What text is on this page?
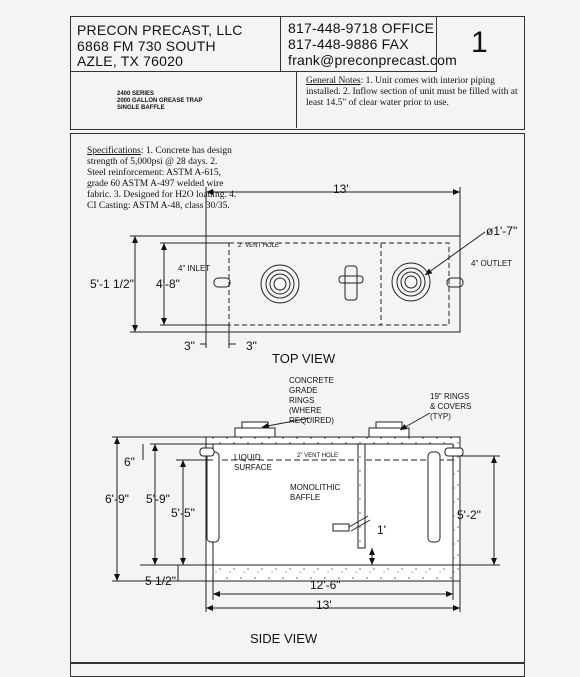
PRECON PRECAST, LLC
6868 FM 730 SOUTH
AZLE, TX 76020
817-448-9718 OFFICE
817-448-9886 FAX
frank@preconprecast.com
1
2400 SERIES
2000 GALLON GREASE TRAP
SINGLE BAFFLE
General Notes: 1. Unit comes with interior piping installed. 2. Inflow section of unit must be filled with at least 14.5" of clear water prior to use.
Specifications: 1. Concrete has design strength of 5,000psi @ 28 days. 2. Steel reinforcement: ASTM A-615, grade 60 ASTM A-497 welded wire fabric. 3. Designed for H2O loading. 4. CI Casting: ASTM A-48, class 30/35.
13'
5'-1 1/2" 4'-8"
4" INLET
4" OUTLET
2" VENT HOLE
ø1'-7"
3"	3"
TOP VIEW
CONCRETE
GRADE
RINGS
(WHERE
REQUIRED)
19" RINGS
& COVERS
(TYP)
LIQUID
SURFACE
2" VENT HOLE
MONOLITHIC
BAFFLE
6'-9" 5'-9"
5'-5"
6"
5 1/2"
5'-2"
1'
12'-6"
13'
SIDE VIEW
